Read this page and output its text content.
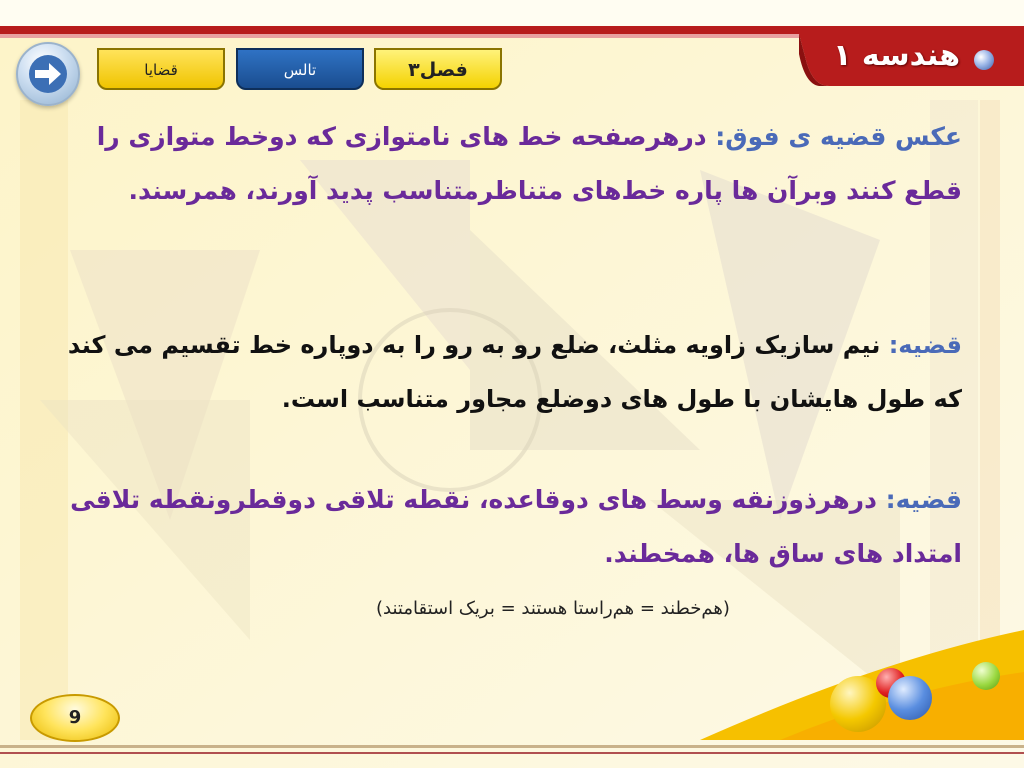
هندسه ۱
فصل۳
تالس
قضایا
عکس قضیه ی فوق: درهرصفحه خط های نامتوازی که دوخط متوازی را قطع کنند وبرآن ها پاره خط‌های متناظرمتناسب پدید آورند، همرسند.
قضیه: نیم سازیک زاویه مثلث، ضلع رو به رو را به دوپاره خط تقسیم می کند که طول هایشان با طول های دوضلع مجاور متناسب است.
قضیه: درهرذوزنقه وسط های دوقاعده، نقطه تلاقی دوقطرونقطه تلاقی امتداد های ساق ها، همخطند.
(هم‌خطند = هم‌راستا هستند = بریک استقامتند)
9
